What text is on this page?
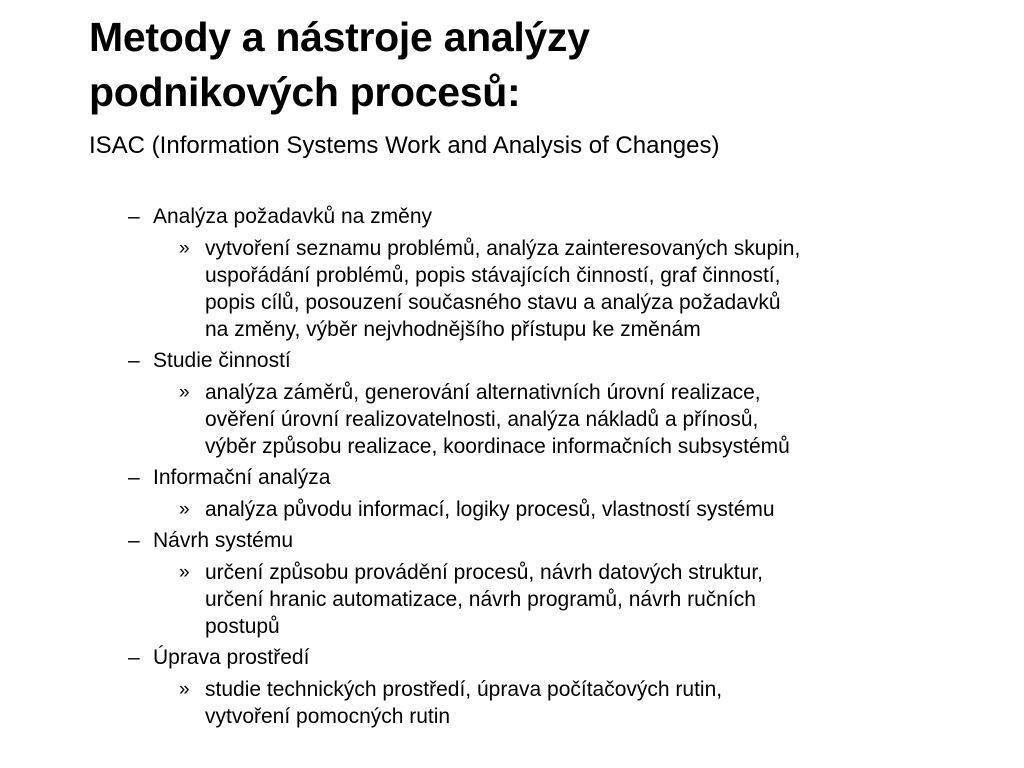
Metody a nástroje analýzy
podnikových procesů:

ISAC (Information Systems Work and Analysis of Changes)

– Analýza požadavků na změny
» vytvoření seznamu problémů, analýza zainteresovaných skupin,
uspořádání problémů, popis stávajících činností, graf činností,
popis cílů, posouzení současného stavu a analýza požadavků
na změny, výběr nejvhodnějšího přístupu ke změnám
– Studie činností
» analýza záměrů, generování alternativních úrovní realizace,
ověření úrovní realizovatelnosti, analýza nákladů a přínosů,
výběr způsobu realizace, koordinace informačních subsystémů
– Informační analýza
» analýza původu informací, logiky procesů, vlastností systému
– Návrh systému
» určení způsobu provádění procesů, návrh datových struktur,
určení hranic automatizace, návrh programů, návrh ručních
postupů
– Úprava prostředí
» studie technických prostředí, úprava počítačových rutin,
vytvoření pomocných rutin
